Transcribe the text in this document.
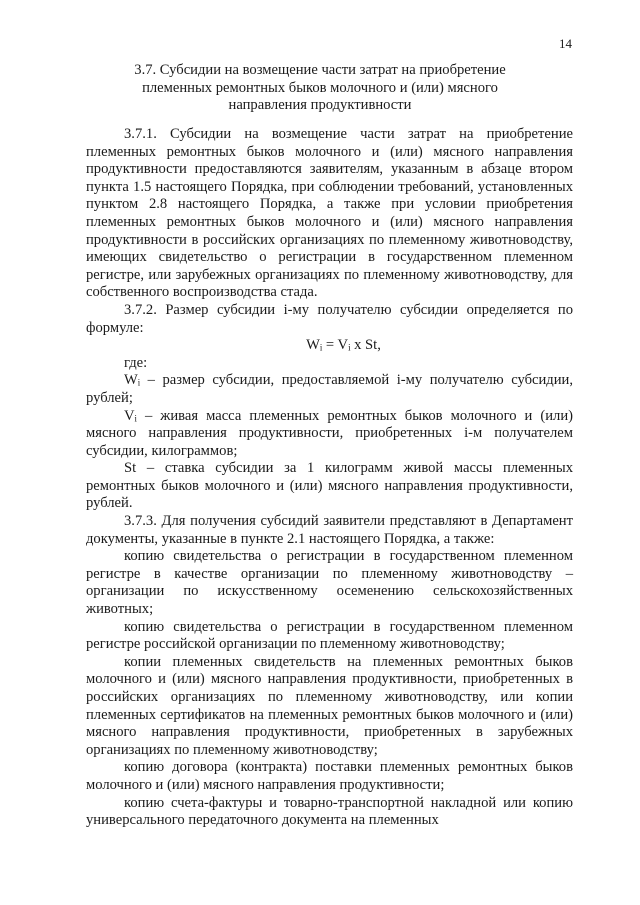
14
3.7. Субсидии на возмещение части затрат на приобретение племенных ремонтных быков молочного и (или) мясного направления продуктивности

3.7.1. Субсидии на возмещение части затрат на приобретение племенных ремонтных быков молочного и (или) мясного направления продуктивности предоставляются заявителям, указанным в абзаце втором пункта 1.5 настоящего Порядка, при соблюдении требований, установленных пунктом 2.8 настоящего Порядка, а также при условии приобретения племенных ремонтных быков молочного и (или) мясного направления продуктивности в российских организациях по племенному животноводству, имеющих свидетельство о регистрации в государственном племенном регистре, или зарубежных организациях по племенному животноводству, для собственного воспроизводства стада.

3.7.2. Размер субсидии i-му получателю субсидии определяется по формуле:

Wᵢ = Vᵢ x St,

где:

Wᵢ – размер субсидии, предоставляемой i-му получателю субсидии, рублей;

Vᵢ – живая масса племенных ремонтных быков молочного и (или) мясного направления продуктивности, приобретенных i-м получателем субсидии, килограммов;

St – ставка субсидии за 1 килограмм живой массы племенных ремонтных быков молочного и (или) мясного направления продуктивности, рублей.

3.7.3. Для получения субсидий заявители представляют в Департамент документы, указанные в пункте 2.1 настоящего Порядка, а также:

копию свидетельства о регистрации в государственном племенном регистре в качестве организации по племенному животноводству – организации по искусственному осеменению сельскохозяйственных животных;

копию свидетельства о регистрации в государственном племенном регистре российской организации по племенному животноводству;

копии племенных свидетельств на племенных ремонтных быков молочного и (или) мясного направления продуктивности, приобретенных в российских организациях по племенному животноводству, или копии племенных сертификатов на племенных ремонтных быков молочного и (или) мясного направления продуктивности, приобретенных в зарубежных организациях по племенному животноводству;

копию договора (контракта) поставки племенных ремонтных быков молочного и (или) мясного направления продуктивности;

копию счета-фактуры и товарно-транспортной накладной или копию универсального передаточного документа на племенных
